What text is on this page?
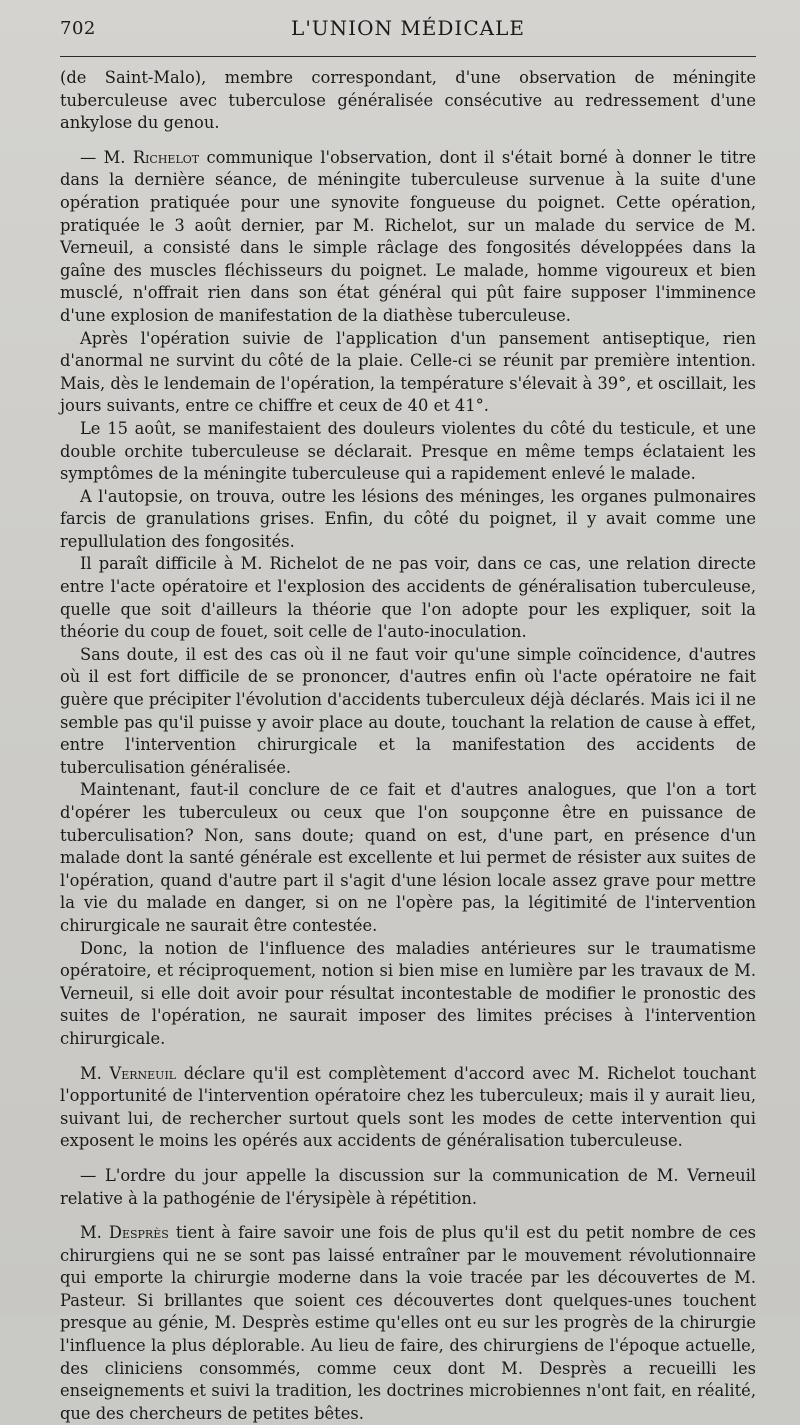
702	L'UNION MÉDICALE

(de Saint-Malo), membre correspondant, d'une observation de méningite tuberculeuse avec tuberculose généralisée consécutive au redressement d'une ankylose du genou.

— M. Richelot communique l'observation, dont il s'était borné à donner le titre dans la dernière séance, de méningite tuberculeuse survenue à la suite d'une opération pratiquée pour une synovite fongueuse du poignet. Cette opération, pratiquée le 3 août dernier, par M. Richelot, sur un malade du service de M. Verneuil, a consisté dans le simple râclage des fongosités développées dans la gaîne des muscles fléchisseurs du poignet. Le malade, homme vigoureux et bien musclé, n'offrait rien dans son état général qui pût faire supposer l'imminence d'une explosion de manifestation de la diathèse tuberculeuse.

Après l'opération suivie de l'application d'un pansement antiseptique, rien d'anormal ne survint du côté de la plaie. Celle-ci se réunit par première intention. Mais, dès le lendemain de l'opération, la température s'élevait à 39°, et oscillait, les jours suivants, entre ce chiffre et ceux de 40 et 41°.

Le 15 août, se manifestaient des douleurs violentes du côté du testicule, et une double orchite tuberculeuse se déclarait. Presque en même temps éclataient les symptômes de la méningite tuberculeuse qui a rapidement enlevé le malade.

A l'autopsie, on trouva, outre les lésions des méninges, les organes pulmonaires farcis de granulations grises. Enfin, du côté du poignet, il y avait comme une repullulation des fongosités.

Il paraît difficile à M. Richelot de ne pas voir, dans ce cas, une relation directe entre l'acte opératoire et l'explosion des accidents de généralisation tuberculeuse, quelle que soit d'ailleurs la théorie que l'on adopte pour les expliquer, soit la théorie du coup de fouet, soit celle de l'auto-inoculation.

Sans doute, il est des cas où il ne faut voir qu'une simple coïncidence, d'autres où il est fort difficile de se prononcer, d'autres enfin où l'acte opératoire ne fait guère que précipiter l'évolution d'accidents tuberculeux déjà déclarés. Mais ici il ne semble pas qu'il puisse y avoir place au doute, touchant la relation de cause à effet, entre l'intervention chirurgicale et la manifestation des accidents de tuberculisation généralisée.

Maintenant, faut-il conclure de ce fait et d'autres analogues, que l'on a tort d'opérer les tuberculeux ou ceux que l'on soupçonne être en puissance de tuberculisation? Non, sans doute; quand on est, d'une part, en présence d'un malade dont la santé générale est excellente et lui permet de résister aux suites de l'opération, quand d'autre part il s'agit d'une lésion locale assez grave pour mettre la vie du malade en danger, si on ne l'opère pas, la légitimité de l'intervention chirurgicale ne saurait être contestée.

Donc, la notion de l'influence des maladies antérieures sur le traumatisme opératoire, et réciproquement, notion si bien mise en lumière par les travaux de M. Verneuil, si elle doit avoir pour résultat incontestable de modifier le pronostic des suites de l'opération, ne saurait imposer des limites précises à l'intervention chirurgicale.

M. Verneuil déclare qu'il est complètement d'accord avec M. Richelot touchant l'opportunité de l'intervention opératoire chez les tuberculeux; mais il y aurait lieu, suivant lui, de rechercher surtout quels sont les modes de cette intervention qui exposent le moins les opérés aux accidents de généralisation tuberculeuse.

— L'ordre du jour appelle la discussion sur la communication de M. Verneuil relative à la pathogénie de l'érysipèle à répétition.

M. Desprès tient à faire savoir une fois de plus qu'il est du petit nombre de ces chirurgiens qui ne se sont pas laissé entraîner par le mouvement révolutionnaire qui emporte la chirurgie moderne dans la voie tracée par les découvertes de M. Pasteur. Si brillantes que soient ces découvertes dont quelques-unes touchent presque au génie, M. Desprès estime qu'elles ont eu sur les progrès de la chirurgie l'influence la plus déplorable. Au lieu de faire, des chirurgiens de l'époque actuelle, des cliniciens consommés, comme ceux dont M. Desprès a recueilli les enseignements et suivi la tradition, les doctrines microbiennes n'ont fait, en réalité, que des chercheurs de petites bêtes.
